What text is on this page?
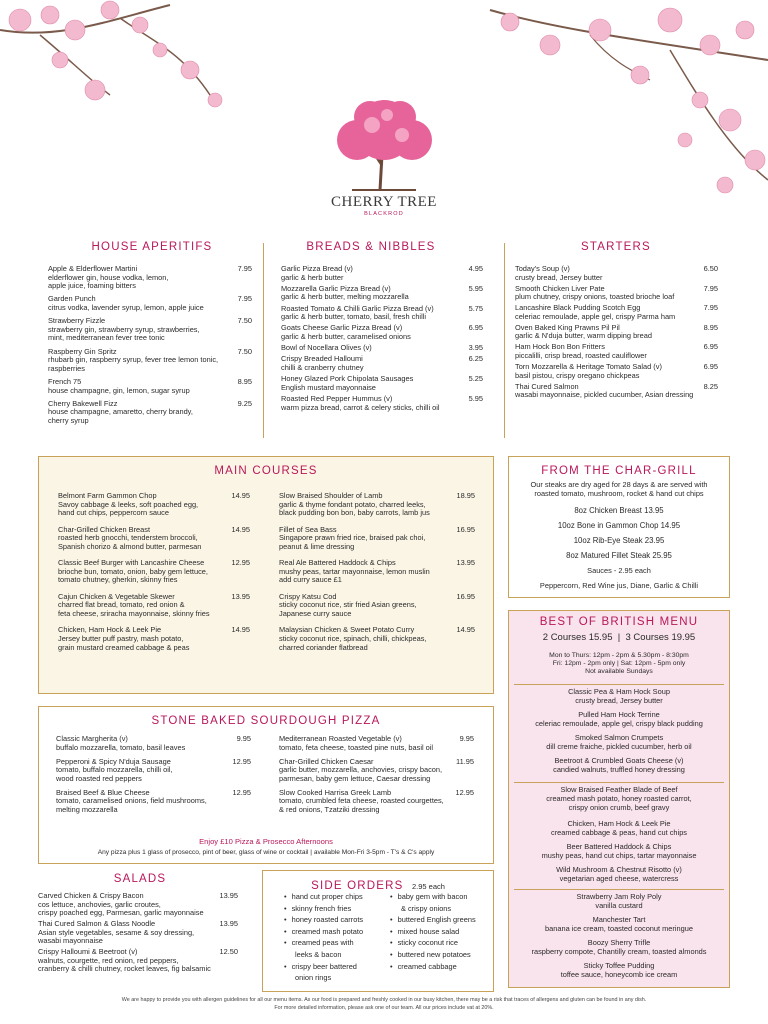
CHERRY TREE
BLACKROD
HOUSE APERITIFS
Apple & Elderflower Martini
elderflower gin, house vodka, lemon,
apple juice, foaming bitters
7.95
Garden Punch
citrus vodka, lavender syrup, lemon, apple juice
7.95
Strawberry Fizzle
strawberry gin, strawberry syrup, strawberries,
mint, mediterranean fever tree tonic
7.50
Raspberry Gin Spritz
rhubarb gin, raspberry syrup, fever tree lemon tonic,
raspberries
7.50
French 75
house champagne, gin, lemon, sugar syrup
8.95
Cherry Bakewell Fizz
house champagne, amaretto, cherry brandy,
cherry syrup
9.25
BREADS & NIBBLES
Garlic Pizza Bread (v)
garlic & herb butter
4.95
Mozzarella Garlic Pizza Bread (v)
garlic & herb butter, melting mozzarella
5.95
Roasted Tomato & Chilli Garlic Pizza Bread (v)
garlic & herb butter, tomato, basil, fresh chilli
5.75
Goats Cheese Garlic Pizza Bread (v)
garlic & herb butter, caramelised onions
6.95
Bowl of Nocellara Olives (v)	3.95
Crispy Breaded Halloumi
chilli & cranberry chutney
6.25
Honey Glazed Pork Chipolata Sausages
English mustard mayonnaise
5.25
Roasted Red Pepper Hummus (v)
warm pizza bread, carrot & celery sticks, chilli oil
5.95
STARTERS
Today's Soup (v)
crusty bread, Jersey butter
6.50
Smooth Chicken Liver Pate
plum chutney, crispy onions, toasted brioche loaf
7.95
Lancashire Black Pudding Scotch Egg
celeriac remoulade, apple gel, crispy Parma ham
7.95
Oven Baked King Prawns Pil Pil
garlic & N'duja butter, warm dipping bread
8.95
Ham Hock Bon Bon Fritters
piccalilli, crisp bread, roasted cauliflower
6.95
Torn Mozzarella & Heritage Tomato Salad (v)
basil pistou, crispy oregano chickpeas
6.95
Thai Cured Salmon
wasabi mayonnaise, pickled cucumber, Asian dressing
8.25
MAIN COURSES
Belmont Farm Gammon Chop
Savoy cabbage & leeks, soft poached egg,
hand cut chips, peppercorn sauce
14.95
Char-Grilled Chicken Breast
roasted herb gnocchi, tenderstem broccoli,
Spanish chorizo & almond butter, parmesan
14.95
Classic Beef Burger with Lancashire Cheese
brioche bun, tomato, onion, baby gem lettuce,
tomato chutney, gherkin, skinny fries
12.95
Cajun Chicken & Vegetable Skewer
charred flat bread, tomato, red onion &
feta cheese, sriracha mayonnaise, skinny fries
13.95
Chicken, Ham Hock & Leek Pie
Jersey butter puff pastry, mash potato,
grain mustard creamed cabbage & peas
14.95
Slow Braised Shoulder of Lamb
garlic & thyme fondant potato, charred leeks,
black pudding bon bon, baby carrots, lamb jus
18.95
Fillet of Sea Bass
Singapore prawn fried rice, braised pak choi,
peanut & lime dressing
16.95
Real Ale Battered Haddock & Chips
mushy peas, tartar mayonnaise, lemon muslin
add curry sauce £1
13.95
Crispy Katsu Cod
sticky coconut rice, stir fried Asian greens,
Japanese curry sauce
16.95
Malaysian Chicken & Sweet Potato Curry
sticky coconut rice, spinach, chilli, chickpeas,
charred coriander flatbread
14.95
FROM THE CHAR-GRILL
Our steaks are dry aged for 28 days & are served with
roasted tomato, mushroom, rocket & hand cut chips
8oz Chicken Breast 13.95
10oz Bone in Gammon Chop 14.95
10oz Rib-Eye Steak 23.95
8oz Matured Fillet Steak 25.95
Sauces - 2.95 each
Peppercorn, Red Wine jus, Diane, Garlic & Chilli
BEST OF BRITISH MENU
2 Courses 15.95  |  3 Courses 19.95
Mon to Thurs: 12pm - 2pm & 5.30pm - 8:30pm
Fri: 12pm - 2pm only | Sat: 12pm - 5pm only
Not available Sundays
Classic Pea & Ham Hock Soup
crusty bread, Jersey butter
Pulled Ham Hock Terrine
celeriac remoulade, apple gel, crispy black pudding
Smoked Salmon Crumpets
dill creme fraiche, pickled cucumber, herb oil
Beetroot & Crumbled Goats Cheese (v)
candied walnuts, truffled honey dressing
Slow Braised Feather Blade of Beef
creamed mash potato, honey roasted carrot,
crispy onion crumb, beef gravy
Chicken, Ham Hock & Leek Pie
creamed cabbage & peas, hand cut chips
Beer Battered Haddock & Chips
mushy peas, hand cut chips, tartar mayonnaise
Wild Mushroom & Chestnut Risotto (v)
vegetarian aged cheese, watercress
Strawberry Jam Roly Poly
vanilla custard
Manchester Tart
banana ice cream, toasted coconut meringue
Boozy Sherry Trifle
raspberry compote, Chantilly cream, toasted almonds
Sticky Toffee Pudding
toffee sauce, honeycomb ice cream
STONE BAKED SOURDOUGH PIZZA
Classic Margherita (v)
buffalo mozzarella, tomato, basil leaves
9.95
Pepperoni & Spicy N'duja Sausage
tomato, buffalo mozzarella, chilli oil,
wood roasted red peppers
12.95
Braised Beef & Blue Cheese
tomato, caramelised onions, field mushrooms,
melting mozzarella
12.95
Mediterranean Roasted Vegetable (v)
tomato, feta cheese, toasted pine nuts, basil oil
9.95
Char-Grilled Chicken Caesar
garlic butter, mozzarella, anchovies, crispy bacon,
parmesan, baby gem lettuce, Caesar dressing
11.95
Slow Cooked Harrisa Greek Lamb
tomato, crumbled feta cheese, roasted courgettes,
& red onions, Tzatziki dressing
12.95
Enjoy £10 Pizza & Prosecco Afternoons
Any pizza plus 1 glass of prosecco, pint of beer, glass of wine or cocktail | available Mon-Fri 3-5pm - T's & C's apply
SALADS
Carved Chicken & Crispy Bacon
cos lettuce, anchovies, garlic croutes,
crispy poached egg, Parmesan, garlic mayonnaise
13.95
Thai Cured Salmon & Glass Noodle
Asian style vegetables, sesame & soy dressing,
wasabi mayonnaise
13.95
Crispy Halloumi & Beetroot (v)
walnuts, courgette, red onion, red peppers,
cranberry & chilli chutney, rocket leaves, fig balsamic
12.50
SIDE ORDERS 2.95 each
• hand cut proper chips
• skinny french fries
• honey roasted carrots
• creamed mash potato
• creamed peas with
leeks & bacon
• crispy beer battered
onion rings
• baby gem with bacon
& crispy onions
• buttered English greens
• mixed house salad
• sticky coconut rice
• buttered new potatoes
• creamed cabbage
We are happy to provide you with allergen guidelines for all our menu items. As our food is prepared and freshly cooked in our busy kitchen, there may be a risk that traces of allergens and gluten can be found in any dish.
For more detailed information, please ask one of our team. All our prices include vat at 20%.
